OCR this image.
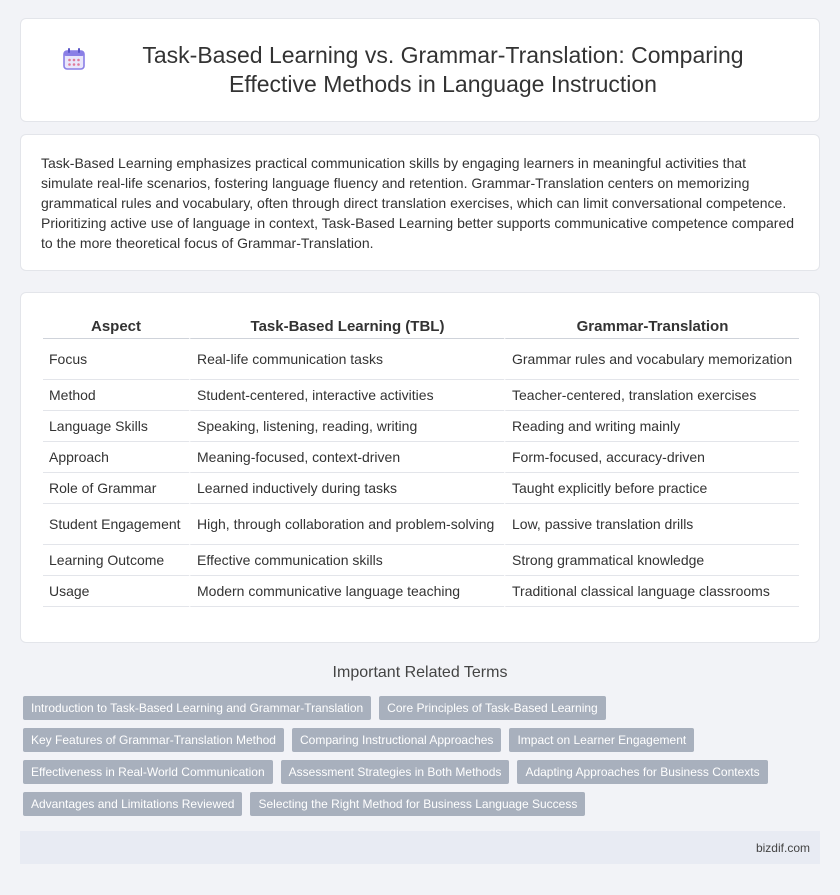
Task-Based Learning vs. Grammar-Translation: Comparing Effective Methods in Language Instruction

Task-Based Learning emphasizes practical communication skills by engaging learners in meaningful activities that simulate real-life scenarios, fostering language fluency and retention. Grammar-Translation centers on memorizing grammatical rules and vocabulary, often through direct translation exercises, which can limit conversational competence. Prioritizing active use of language in context, Task-Based Learning better supports communicative competence compared to the more theoretical focus of Grammar-Translation.

Aspect	Task-Based Learning (TBL)	Grammar-Translation
Focus	Real-life communication tasks	Grammar rules and vocabulary memorization
Method	Student-centered, interactive activities	Teacher-centered, translation exercises
Language Skills	Speaking, listening, reading, writing	Reading and writing mainly
Approach	Meaning-focused, context-driven	Form-focused, accuracy-driven
Role of Grammar	Learned inductively during tasks	Taught explicitly before practice
Student Engagement	High, through collaboration and problem-solving	Low, passive translation drills
Learning Outcome	Effective communication skills	Strong grammatical knowledge
Usage	Modern communicative language teaching	Traditional classical language classrooms
Important Related Terms
Introduction to Task-Based Learning and Grammar-Translation	Core Principles of Task-Based Learning
Key Features of Grammar-Translation Method	Comparing Instructional Approaches	Impact on Learner Engagement
Effectiveness in Real-World Communication	Assessment Strategies in Both Methods	Adapting Approaches for Business Contexts
Advantages and Limitations Reviewed	Selecting the Right Method for Business Language Success
bizdif.com
